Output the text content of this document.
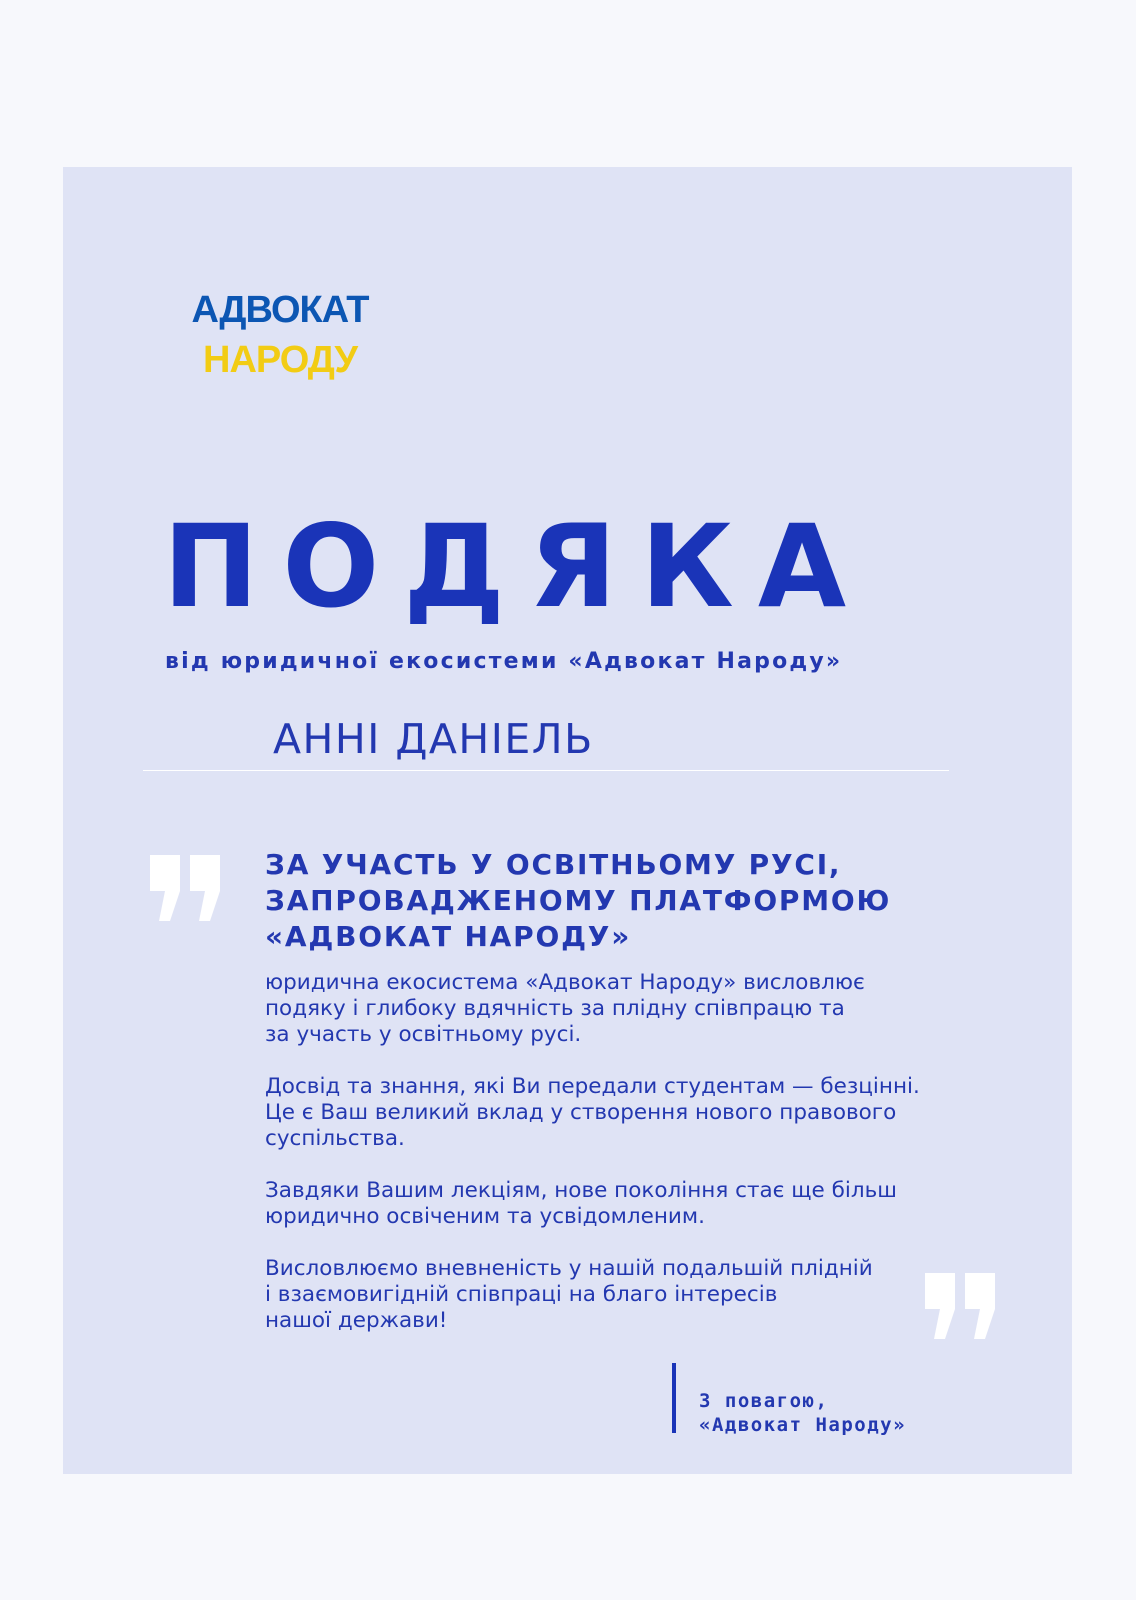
АДВОКАТ
НАРОДУ
ПОДЯКА
від юридичної екосистеми «Адвокат Народу»
АННІ ДАНІЕЛЬ
ЗА УЧАСТЬ У ОСВІТНЬОМУ РУСІ,
ЗАПРОВАДЖЕНОМУ ПЛАТФОРМОЮ
«АДВОКАТ НАРОДУ»
юридична екосистема «Адвокат Народу» висловлює
подяку і глибоку вдячність за плідну співпрацю та
за участь у освітньому русі.
Досвід та знання, які Ви передали студентам — безцінні.
Це є Ваш великий вклад у створення нового правового
суспільства.
Завдяки Вашим лекціям, нове покоління стає ще більш
юридично освіченим та усвідомленим.
Висловлюємо вневненість у нашій подальшій плідній
і взаємовигідній співпраці на благо інтересів
нашої держави!
З повагою,
«Адвокат Народу»
